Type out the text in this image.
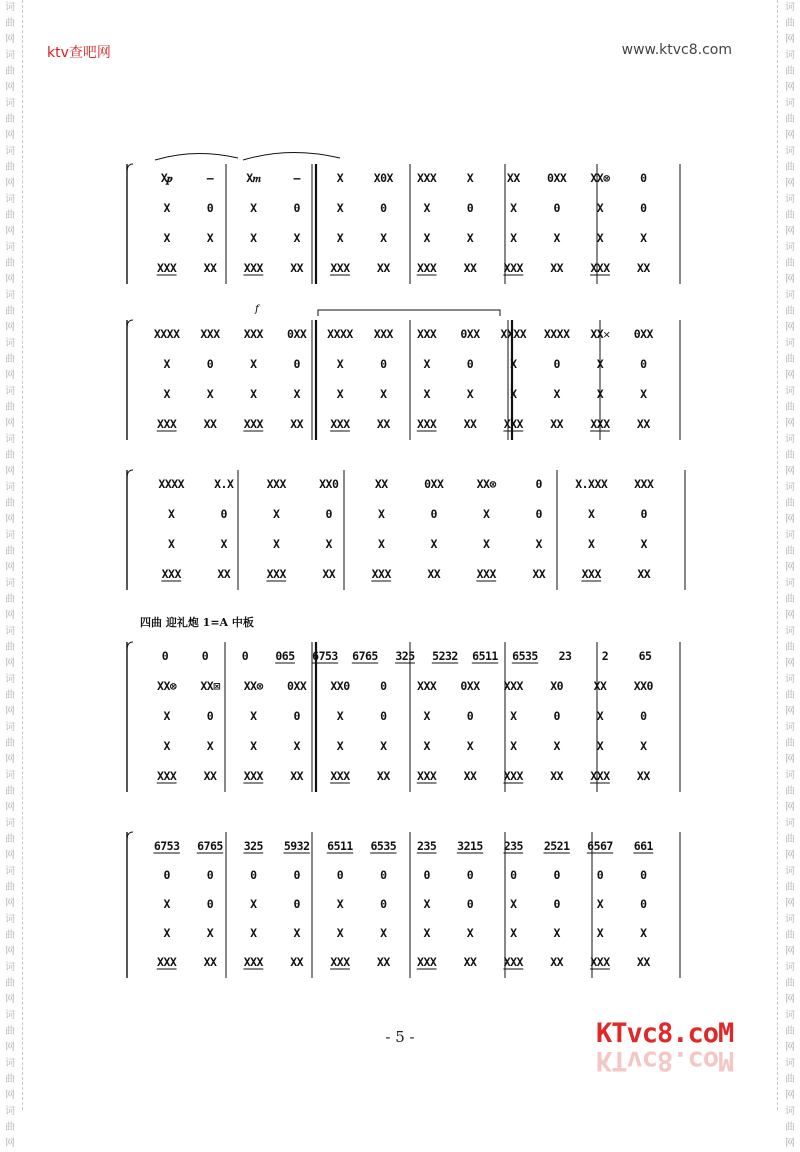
词曲网词曲网词曲网词曲网词曲网词曲网词曲网词曲网词曲网词曲网词曲网词曲网词曲网词曲网词曲网词曲网词曲网词曲网词曲网词曲网词曲网词曲网词曲网词曲网
词曲网词曲网词曲网词曲网词曲网词曲网词曲网词曲网词曲网词曲网词曲网词曲网词曲网词曲网词曲网词曲网词曲网词曲网词曲网词曲网词曲网词曲网词曲网词曲网
ktv查吧网	www.ktvc8.com
f
X𝆏	—	X𝆐	—	X	X0X XXX	X	XX 0XX XX⊗	0
X	0	X	0	X	0	X	0	X	0	X	0
X	X	X	X	X	X	X	X	X	X	X	X
XXX XX XXX XX XXX XX XXX XX XXX XX XXX XX
XXXX XXX XXX 0XX XXXX XXX XXX 0XX XXXX XXXX XX✕ 0XX
X	0	X	0	X	0	X	0	X	0	X	0
X	X	X	X	X	X	X	X	X	X	X	X
XXX XX XXX XX XXX XX XXX XX XXX XX XXX XX
XXXX	X.X	XXX	XX0	XX	0XX	XX⊗	0	X.XXX XXX
X	0	X	0	X	0	X	0	X	0
X	X	X	X	X	X	X	X	X	X
XXX	XX	XXX	XX	XXX	XX	XXX	XX	XXX	XX
0	0	0 065 6753 6765 325 5232 6511 6535 23	2	65
XX⊗ XX⊠ XX⊗ 0XX XX0	0	XXX 0XX XXX X0	XX XX0
X	0	X	0	X	0	X	0	X	0	X	0
X	X	X	X	X	X	X	X	X	X	X	X
XXX XX XXX XX XXX XX XXX XX XXX XX XXX XX
6753 6765 325 5932 6511 6535 235 3215 235 2521 6567 661
0	0	0	0	0	0	0	0	0	0	0	0
X	0	X	0	X	0	X	0	X	0	X	0
X	X	X	X	X	X	X	X	X	X	X	X
XXX XX XXX XX XXX XX XXX XX XXX XX XXX XX
四曲 迎礼炮 1=A 中板
- 5 -	KTvc8.coM
KTvc8.coM
